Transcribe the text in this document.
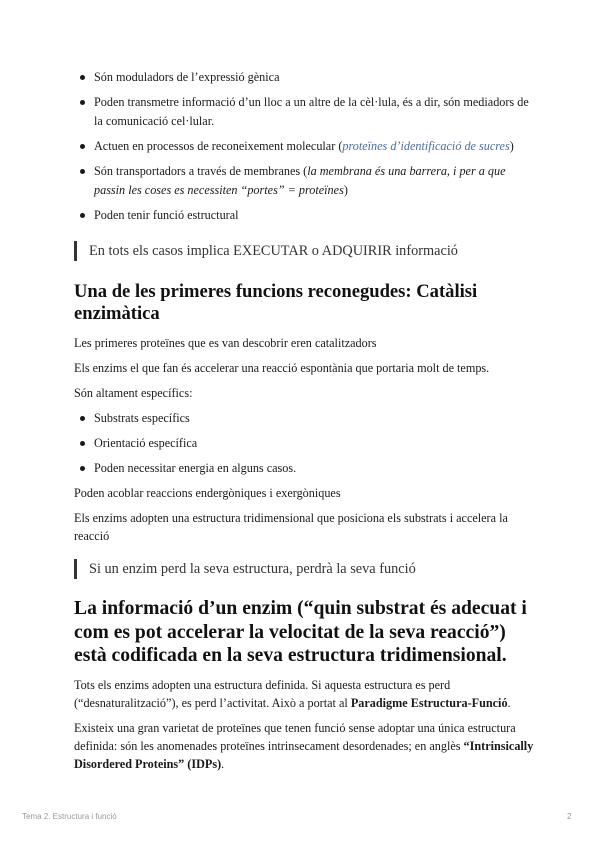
Són moduladors de l’expressió gènica
Poden transmetre informació d’un lloc a un altre de la cèl·lula, és a dir, són mediadors de la comunicació cel·lular.
Actuen en processos de reconeixement molecular (proteïnes d’identificació de sucres)
Són transportadors a través de membranes (la membrana és una barrera, i per a que passin les coses es necessiten “portes” = proteïnes)
Poden tenir funció estructural
En tots els casos implica EXECUTAR o ADQUIRIR informació
Una de les primeres funcions reconegudes: Catàlisi enzimàtica

Les primeres proteïnes que es van descobrir eren catalitzadors

Els enzims el que fan és accelerar una reacció espontània que portaria molt de temps.

Són altament específics:

Substrats específics
Orientació específica
Poden necessitar energia en alguns casos.

Poden acoblar reaccions endergòniques i exergòniques

Els enzims adopten una estructura tridimensional que posiciona els substrats i accelera la reacció

Si un enzim perd la seva estructura, perdrà la seva funció
La informació d’un enzim (“quin substrat és adecuat i com es pot accelerar la velocitat de la seva reacció”) està codificada en la seva estructura tridimensional.

Tots els enzims adopten una estructura definida. Si aquesta estructura es perd (“desnaturalització”), es perd l’activitat. Això a portat al Paradigme Estructura-Funció.

Existeix una gran varietat de proteïnes que tenen funció sense adoptar una única estructura definida: són les anomenades proteïnes intrinsecament desordenades; en anglès “Intrinsically Disordered Proteins” (IDPs).

Tema 2. Estructura i funció	2
